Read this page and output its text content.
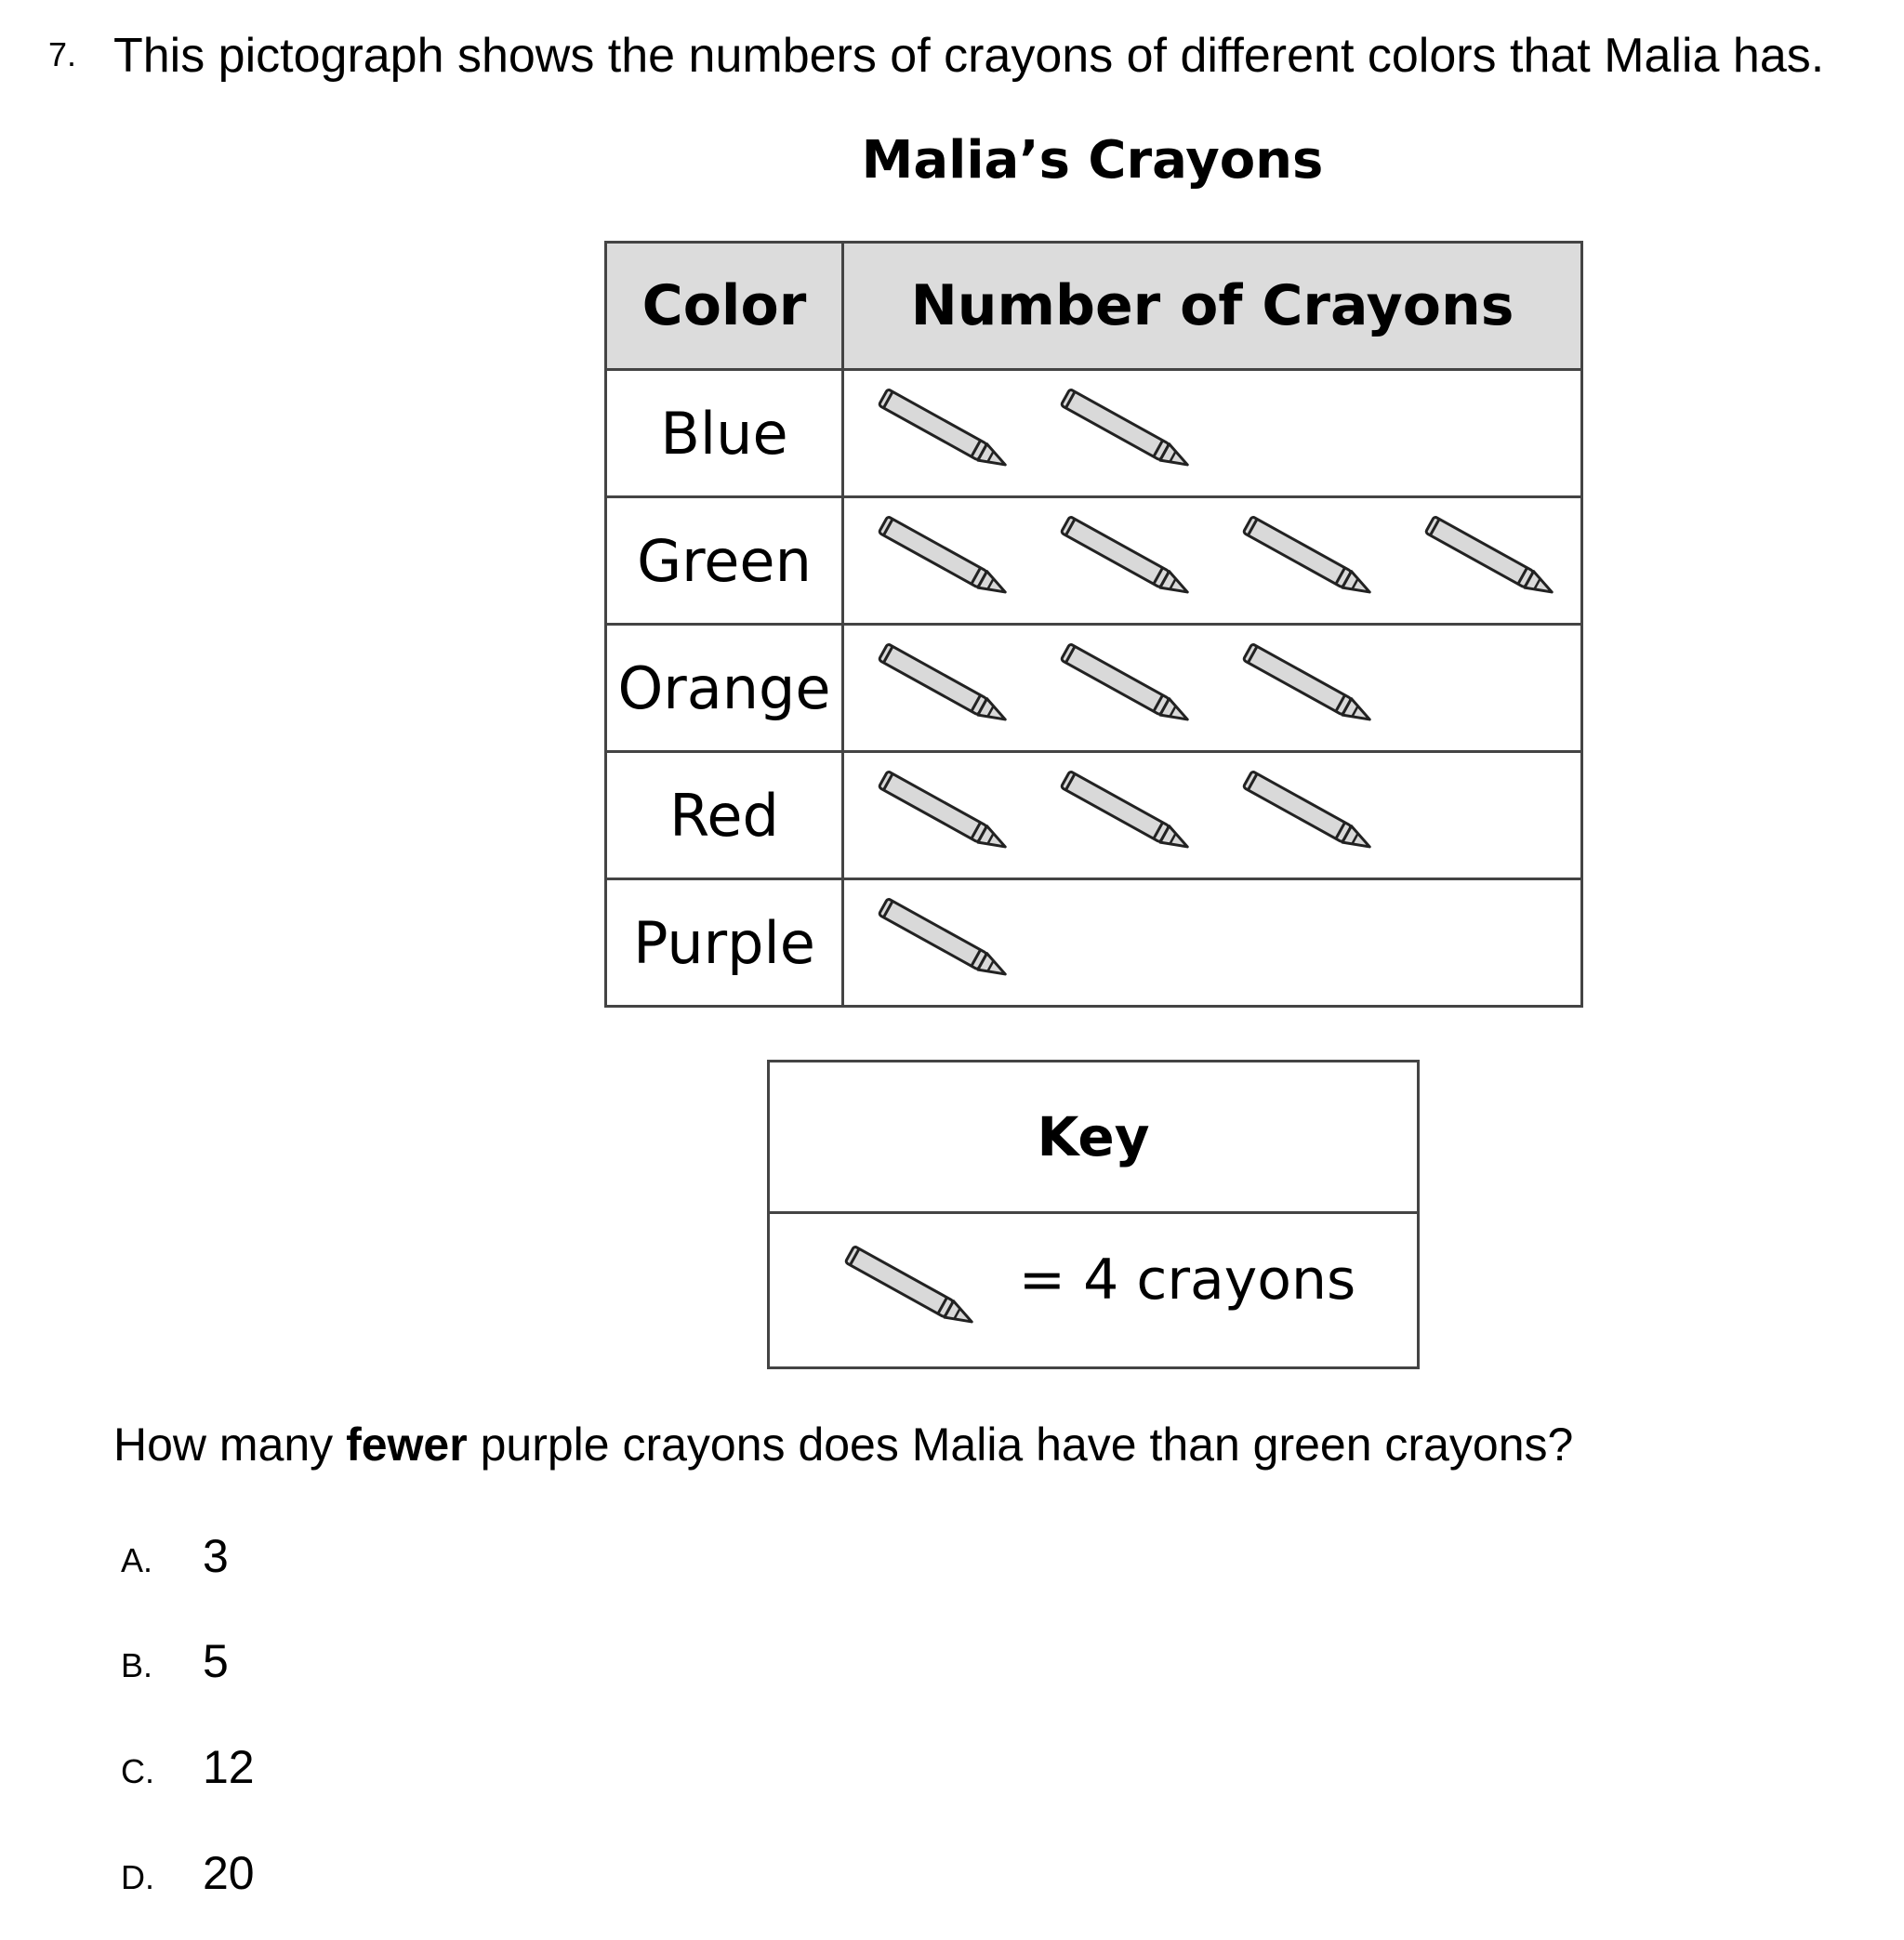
7. This pictograph shows the numbers of crayons of different colors that Malia has.
Malia’s Crayons
Color	Number of Crayons
Blue	

Green	

Orange	

Red	

Purple	
Key

= 4 crayons
How many fewer purple crayons does Malia have than green crayons?
A.	3
B.	5
C.	12
D.	20
